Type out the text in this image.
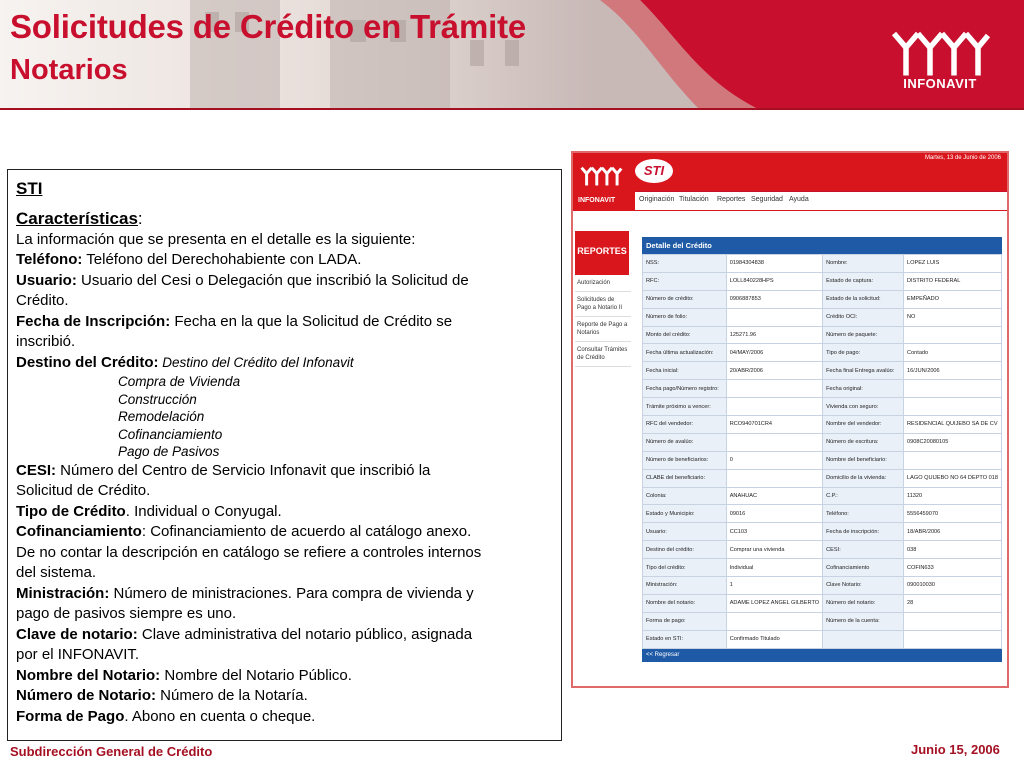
Solicitudes de Crédito en Trámite
Notarios	INFONAVIT
STI
Características:
La información que se presenta en el detalle es la siguiente:
Teléfono: Teléfono del Derechohabiente con LADA.
Usuario: Usuario del Cesi o Delegación que inscribió la Solicitud de
Crédito.
Fecha de Inscripción: Fecha en la que la Solicitud de Crédito se
inscribió.
Destino del Crédito: Destino del Crédito del Infonavit
Compra de Vivienda
Construcción
Remodelación
Cofinanciamiento
Pago de Pasivos
CESI: Número del Centro de Servicio Infonavit que inscribió la
Solicitud de Crédito.
Tipo de Crédito. Individual o Conyugal.
Cofinanciamiento: Cofinanciamiento de acuerdo al catálogo anexo.
De no contar la descripción en catálogo se refiere a controles internos
del sistema.
Ministración: Número de ministraciones. Para compra de vivienda y
pago de pasivos siempre es uno.
Clave de notario: Clave administrativa del notario público, asignada
por el INFONAVIT.
Nombre del Notario: Nombre del Notario Público.
Número de Notario: Número de la Notaría.
Forma de Pago. Abono en cuenta o cheque.
INFONAVIT
STI
Martes, 13 de Junio de 2006
Originación Titulación Reportes Seguridad Ayuda
REPORTES
Autorización
Solicitudes de Pago a Notario II
Reporte de Pago a Notarios
Consultar Trámites de Crédito
Detalle del Crédito
NSS:	01984304838	Nombre:	LOPEZ LUIS
RFC:	LOLL840228HPS	Estado de captura:	DISTRITO FEDERAL
Número de crédito:	0906887853	Estado de la solicitud:	EMPEÑADO
Número de folio:		Crédito OCI:	NO
Monto del crédito:	125271.96	Número de paquete:	
Fecha última actualización:	04/MAY/2006	Tipo de pago:	Contado
Fecha inicial:	20/ABR/2006	Fecha final Entrega avalúo:	16/JUN/2006
Fecha pago/Número registro:		Fecha original:	
Trámite próximo a vencer:		Vivienda con seguro:	
RFC del vendedor:	RCO940701CR4	Nombre del vendedor:	RESIDENCIAL QUIJEBO SA DE CV
Número de avalúo:		Número de escritura:	0908C20080105
Número de beneficiarios:	0	Nombre del beneficiario:	
CLABE del beneficiario:		Domicilio de la vivienda:	LAGO QUIJEBO NO 64 DEPTO 018
Colonia:	ANAHUAC	C.P.:	11320
Estado y Municipio:	09016	Teléfono:	5556459070
Usuario:	CC103	Fecha de inscripción:	18/ABR/2006
Destino del crédito:	Comprar una vivienda	CESI:	038
Tipo del crédito:	Individual	Cofinanciamiento	COFIN633
Ministración:	1	Clave Notario:	090010030
Nombre del notario:	ADAME LOPEZ ANGEL GILBERTO	Número del notario:	28
Forma de pago:		Número de la cuenta:	
Estado en STI:	Confirmado Titulado		
<< Regresar
Subdirección General de Crédito	Junio 15, 2006
